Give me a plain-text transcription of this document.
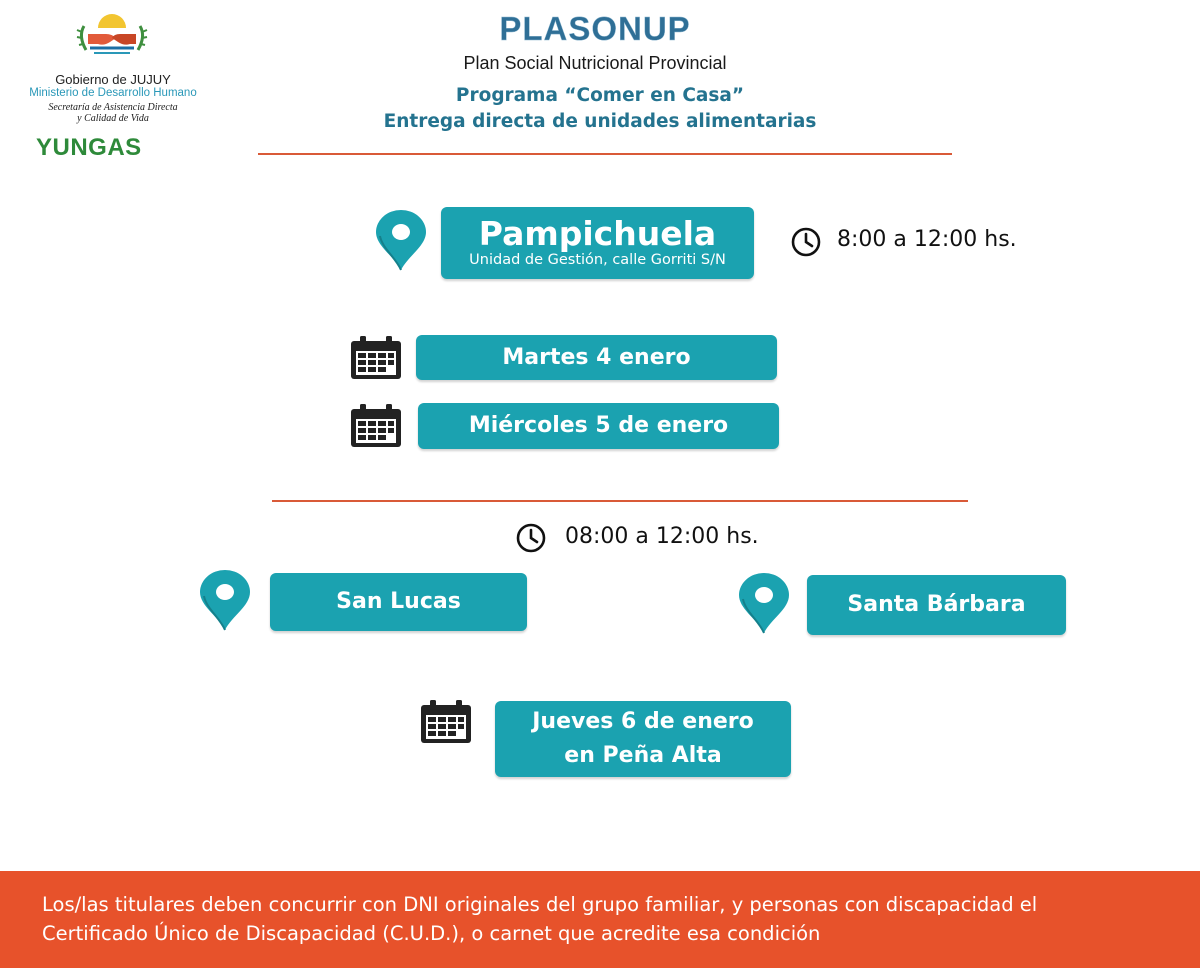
Gobierno de JUJUY
Ministerio de Desarrollo Humano
Secretaría de Asistencia Directa
y Calidad de Vida
YUNGAS
PLASONUP
Plan Social Nutricional Provincial
Programa “Comer en Casa”
Entrega directa de unidades alimentarias
Pampichuela
Unidad de Gestión, calle Gorriti S/N
8:00 a 12:00 hs.
Martes 4 enero
Miércoles 5 de enero
08:00 a 12:00 hs.
San Lucas	Santa Bárbara
Jueves 6 de enero
en Peña Alta
Los/las titulares deben concurrir con DNI originales del grupo familiar, y personas con discapacidad el
Certificado Único de Discapacidad (C.U.D.), o carnet que acredite esa condición
